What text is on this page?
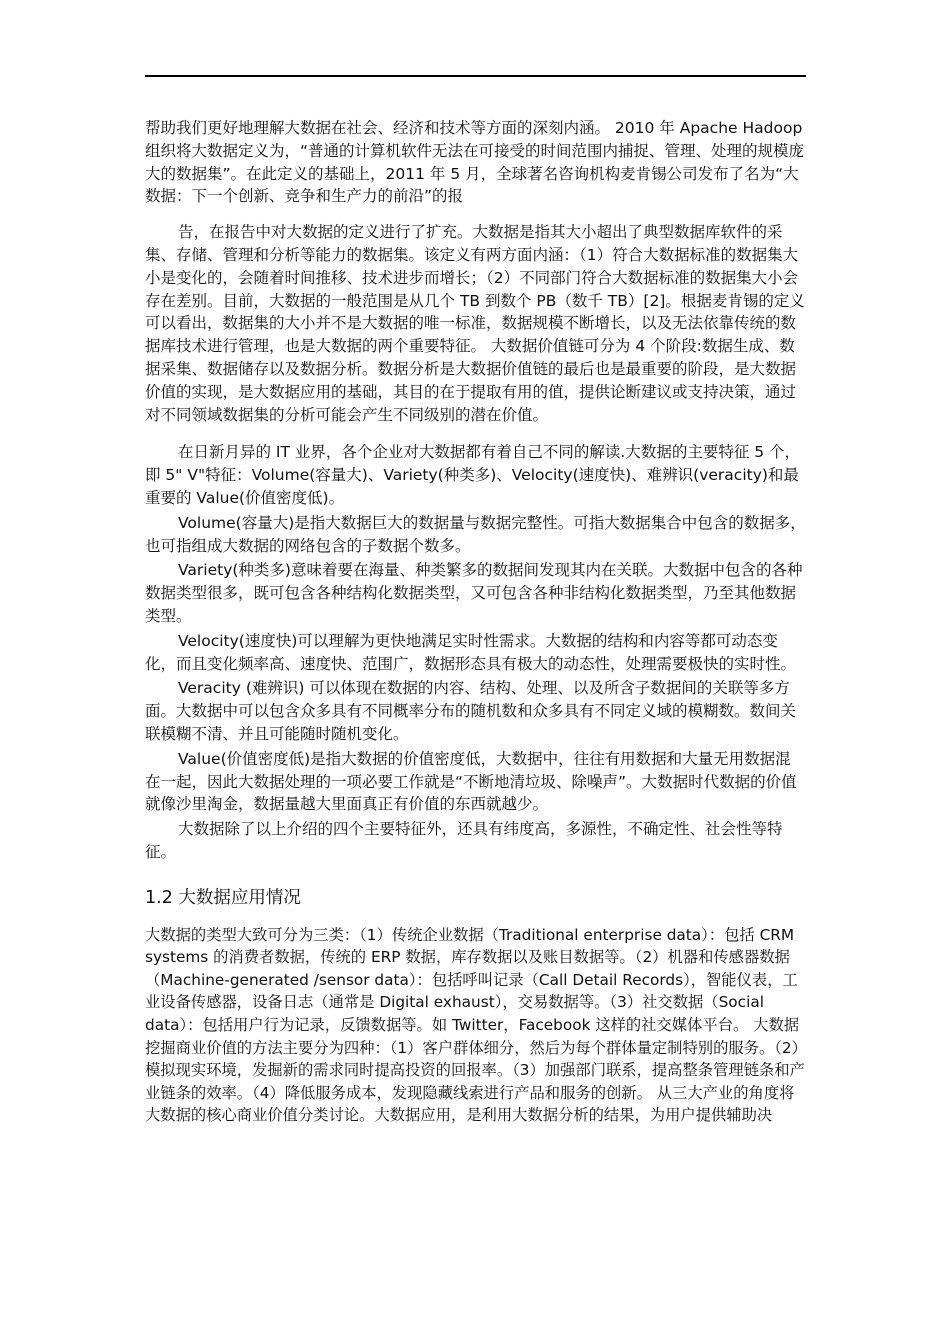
帮助我们更好地理解大数据在社会、经济和技术等方面的深刻内涵。 2010 年 Apache Hadoop 组织将大数据定义为，“普通的计算机软件无法在可接受的时间范围内捕捉、管理、处理的规模庞大的数据集”。在此定义的基础上，2011 年 5 月，全球著名咨询机构麦肯锡公司发布了名为“大数据：下一个创新、竞争和生产力的前沿”的报

告，在报告中对大数据的定义进行了扩充。大数据是指其大小超出了典型数据库软件的采集、存储、管理和分析等能力的数据集。该定义有两方面内涵：（1）符合大数据标准的数据集大小是变化的，会随着时间推移、技术进步而增长；（2）不同部门符合大数据标准的数据集大小会存在差别。目前，大数据的一般范围是从几个 TB 到数个 PB（数千 TB）[2]。根据麦肯锡的定义可以看出，数据集的大小并不是大数据的唯一标准，数据规模不断增长，以及无法依靠传统的数据库技术进行管理，也是大数据的两个重要特征。 大数据价值链可分为 4 个阶段:数据生成、数据采集、数据储存以及数据分析。数据分析是大数据价值链的最后也是最重要的阶段，是大数据价值的实现，是大数据应用的基础，其目的在于提取有用的值，提供论断建议或支持决策，通过对不同领域数据集的分析可能会产生不同级别的潜在价值。

在日新月异的 IT 业界，各个企业对大数据都有着自己不同的解读.大数据的主要特征 5 个，即 5" V"特征：Volume(容量大)、Variety(种类多)、Velocity(速度快)、难辨识(veracity)和最重要的 Value(价值密度低)。

Volume(容量大)是指大数据巨大的数据量与数据完整性。可指大数据集合中包含的数据多，也可指组成大数据的网络包含的子数据个数多。

Variety(种类多)意味着要在海量、种类繁多的数据间发现其内在关联。大数据中包含的各种数据类型很多，既可包含各种结构化数据类型，又可包含各种非结构化数据类型，乃至其他数据类型。

Velocity(速度快)可以理解为更快地满足实时性需求。大数据的结构和内容等都可动态变化，而且变化频率高、速度快、范围广，数据形态具有极大的动态性，处理需要极快的实时性。

Veracity (难辨识) 可以体现在数据的内容、结构、处理、以及所含子数据间的关联等多方面。大数据中可以包含众多具有不同概率分布的随机数和众多具有不同定义域的模糊数。数间关联模糊不清、并且可能随时随机变化。

Value(价值密度低)是指大数据的价值密度低，大数据中，往往有用数据和大量无用数据混在一起，因此大数据处理的一项必要工作就是“不断地清垃圾、除噪声”。大数据时代数据的价值就像沙里淘金，数据量越大里面真正有价值的东西就越少。

大数据除了以上介绍的四个主要特征外，还具有纬度高，多源性，不确定性、社会性等特征。

1.2 大数据应用情况

大数据的类型大致可分为三类：（1）传统企业数据（Traditional enterprise data）：包括 CRM systems 的消费者数据，传统的 ERP 数据，库存数据以及账目数据等。（2）机器和传感器数据（Machine-generated /sensor data）：包括呼叫记录（Call Detail Records），智能仪表，工业设备传感器，设备日志（通常是 Digital exhaust），交易数据等。（3）社交数据（Social data）：包括用户行为记录，反馈数据等。如 Twitter，Facebook 这样的社交媒体平台。 大数据挖掘商业价值的方法主要分为四种：（1）客户群体细分，然后为每个群体量定制特别的服务。（2）模拟现实环境，发掘新的需求同时提高投资的回报率。（3）加强部门联系，提高整条管理链条和产业链条的效率。（4）降低服务成本，发现隐藏线索进行产品和服务的创新。 从三大产业的角度将大数据的核心商业价值分类讨论。大数据应用，是利用大数据分析的结果，为用户提供辅助决
